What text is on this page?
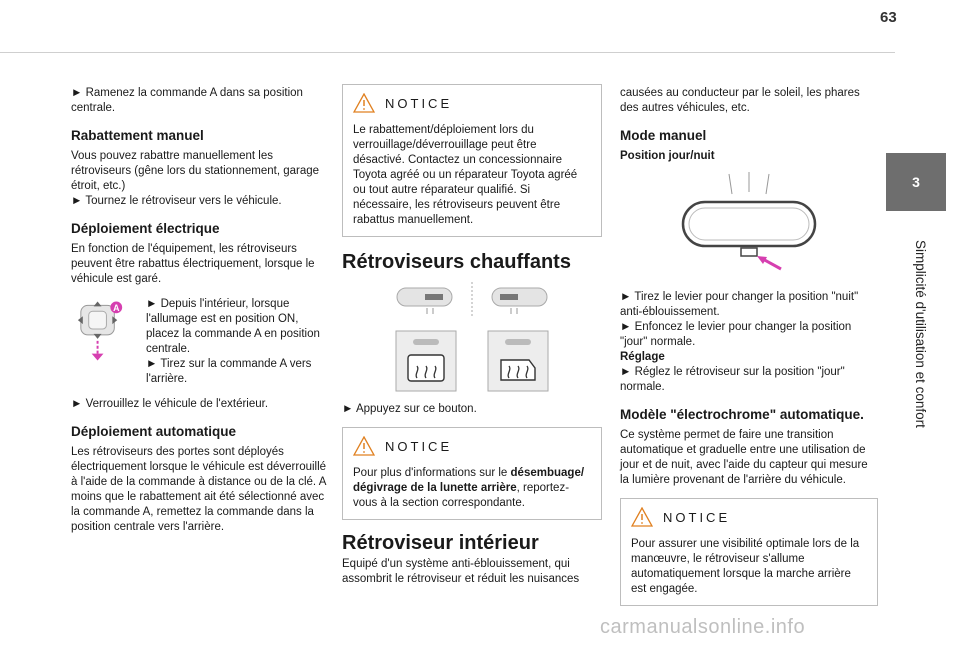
63
3
Simplicité d'utilisation et confort

► Ramenez la commande A dans sa position centrale.

Rabattement manuel

Vous pouvez rabattre manuellement les rétroviseurs (gêne lors du stationnement, garage étroit, etc.)

► Tournez le rétroviseur vers le véhicule.

Déploiement électrique

En fonction de l'équipement, les rétroviseurs peuvent être rabattus électriquement, lorsque le véhicule est garé.

A ► Depuis l'intérieur, lorsque l'allumage est en position ON, placez la commande A en position centrale.

► Tirez sur la commande A vers l'arrière.

► Verrouillez le véhicule de l'extérieur.

Déploiement automatique

Les rétroviseurs des portes sont déployés électriquement lorsque le véhicule est déverrouillé à l'aide de la commande à distance ou de la clé. A moins que le rabattement ait été sélectionné avec la commande A, remettez la commande dans la position centrale vers l'arrière.

NOTICE
Le rabattement/déploiement lors du verrouillage/déverrouillage peut être désactivé. Contactez un concessionnaire Toyota agréé ou un réparateur Toyota agréé ou tout autre réparateur qualifié. Si nécessaire, les rétroviseurs peuvent être rabattus manuellement.
Rétroviseurs chauffants

► Appuyez sur ce bouton.

NOTICE
Pour plus d'informations sur le désembuage/ dégivrage de la lunette arrière, reportez-vous à la section correspondante.
Rétroviseur intérieur

Equipé d'un système anti-éblouissement, qui assombrit le rétroviseur et réduit les nuisances

causées au conducteur par le soleil, les phares des autres véhicules, etc.

Mode manuel
Position jour/nuit

► Tirez le levier pour changer la position "nuit" anti-éblouissement.

► Enfoncez le levier pour changer la position "jour" normale.

Réglage

► Réglez le rétroviseur sur la position "jour" normale.

Modèle "électrochrome" automatique.

Ce système permet de faire une transition automatique et graduelle entre une utilisation de jour et de nuit, avec l'aide du capteur qui mesure la lumière provenant de l'arrière du véhicule.

NOTICE
Pour assurer une visibilité optimale lors de la manœuvre, le rétroviseur s'allume automatiquement lorsque la marche arrière est engagée.
carmanualsonline.info
